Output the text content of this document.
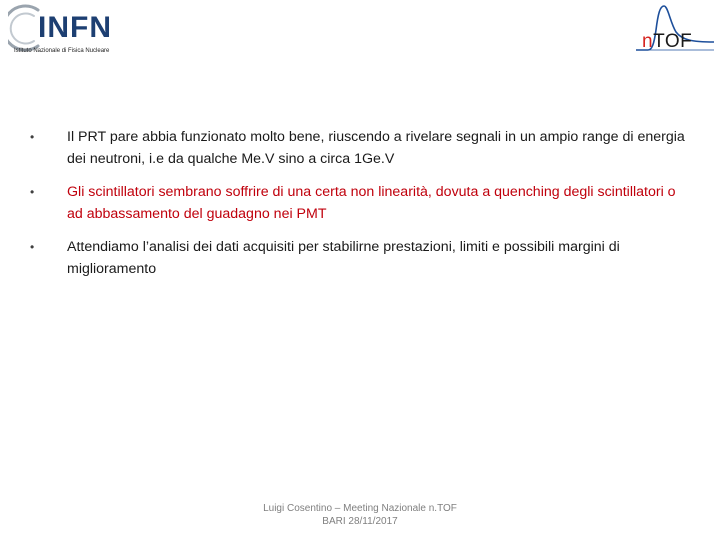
INFN
Istituto Nazionale di Fisica Nucleare	nTOF
•	Il PRT pare abbia funzionato molto bene, riuscendo a rivelare segnali in un ampio range di energia dei neutroni, i.e da qualche Me.V sino a circa 1Ge.V
•	Gli scintillatori sembrano soffrire di una certa non linearità, dovuta a quenching degli scintillatori o ad abbassamento del guadagno nei PMT
•	Attendiamo l’analisi dei dati acquisiti per stabilirne prestazioni, limiti e possibili margini di miglioramento
Luigi Cosentino – Meeting Nazionale n.TOF
BARI 28/11/2017
